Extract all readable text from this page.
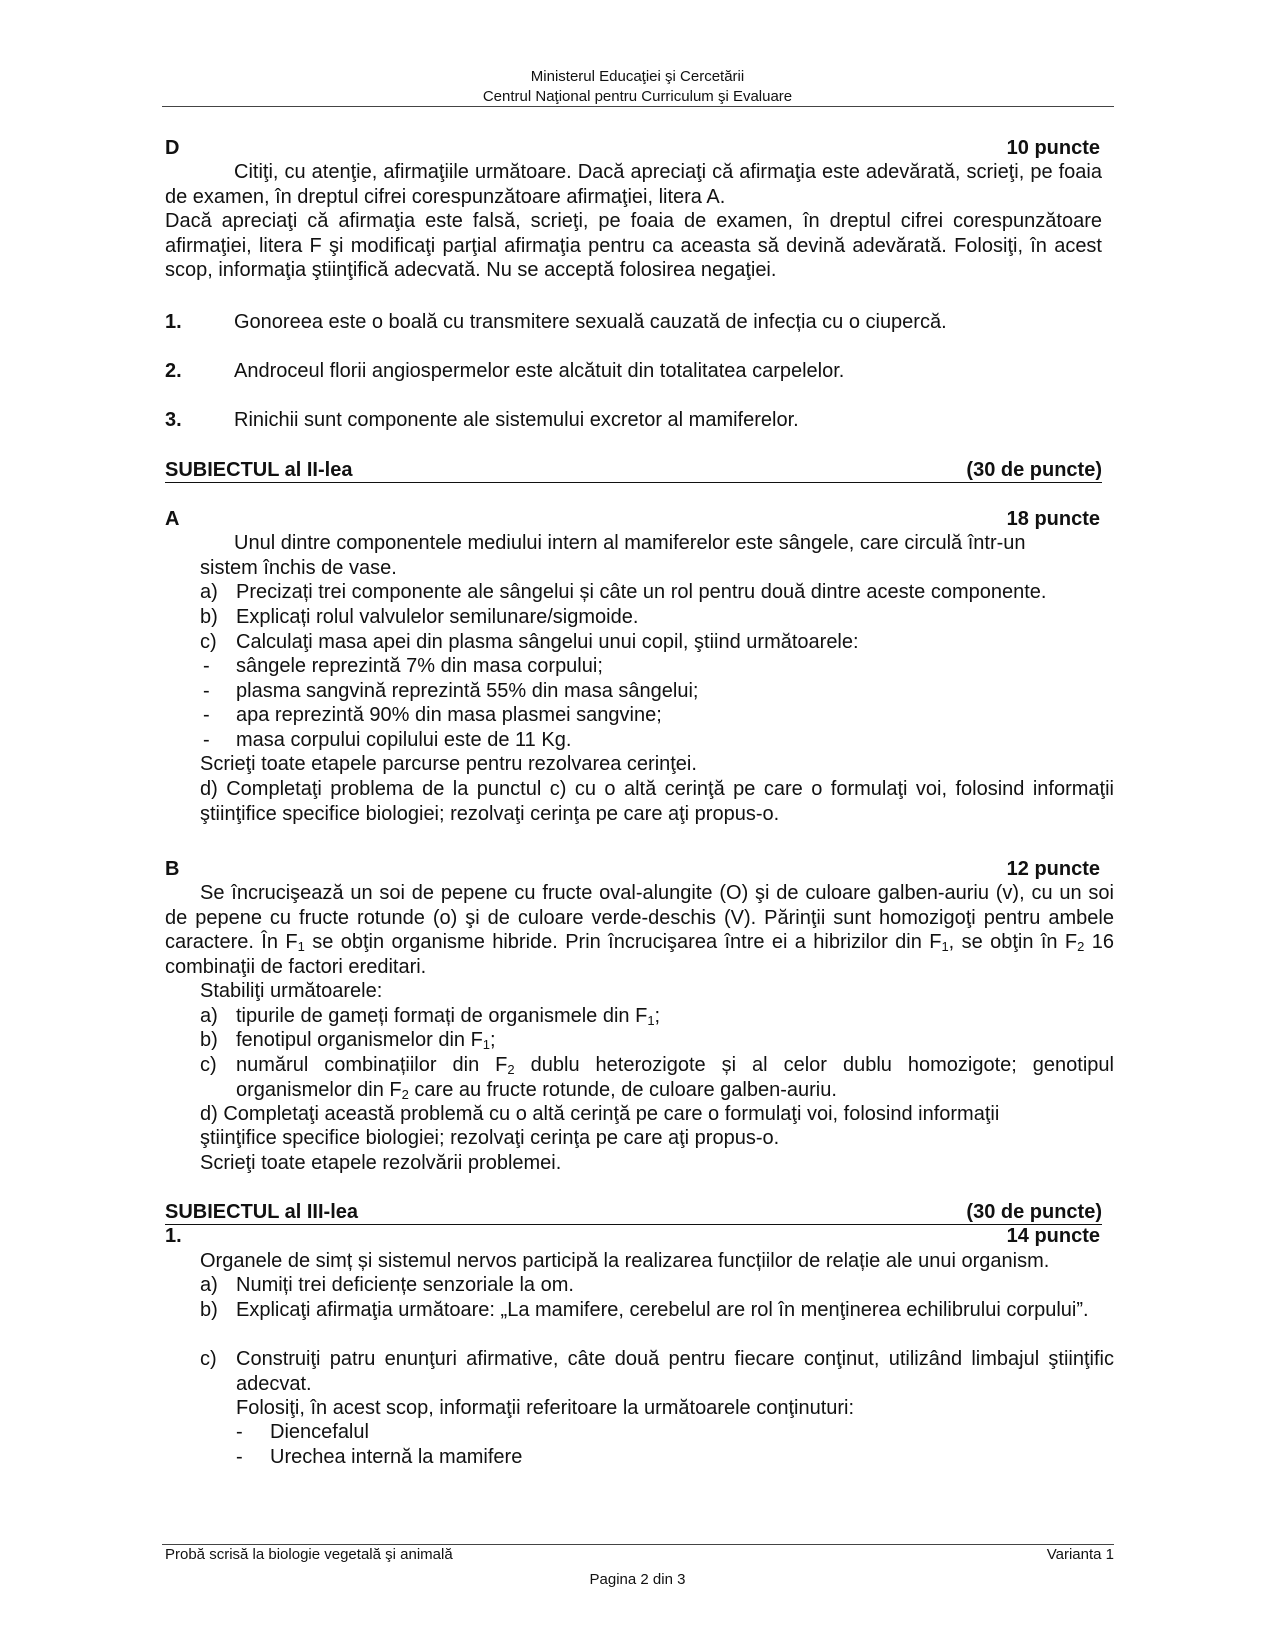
Ministerul Educaţiei şi Cercetării
Centrul Naţional pentru Curriculum şi Evaluare
D	10 puncte
Citiţi, cu atenţie, afirmaţiile următoare. Dacă apreciaţi că afirmaţia este adevărată, scrieţi, pe foaia de examen, în dreptul cifrei corespunzătoare afirmaţiei, litera A.
Dacă apreciaţi că afirmaţia este falsă, scrieţi, pe foaia de examen, în dreptul cifrei corespunzătoare afirmaţiei, litera F şi modificaţi parţial afirmaţia pentru ca aceasta să devină adevărată. Folosiţi, în acest scop, informaţia ştiinţifică adecvată. Nu se acceptă folosirea negaţiei.
1.	Gonoreea este o boală cu transmitere sexuală cauzată de infecția cu o ciupercă.
2.	Androceul florii angiospermelor este alcătuit din totalitatea carpelelor.
3.	Rinichii sunt componente ale sistemului excretor al mamiferelor.
SUBIECTUL al II-lea	(30 de puncte)
A	18 puncte
Unul dintre componentele mediului intern al mamiferelor este sângele, care circulă într-un
sistem închis de vase.
a) Precizați trei componente ale sângelui și câte un rol pentru două dintre aceste componente.
b) Explicați rolul valvulelor semilunare/sigmoide.
c) Calculaţi masa apei din plasma sângelui unui copil, ştiind următoarele:
- sângele reprezintă 7% din masa corpului;
- plasma sangvină reprezintă 55% din masa sângelui;
- apa reprezintă 90% din masa plasmei sangvine;
- masa corpului copilului este de 11 Kg.
Scrieţi toate etapele parcurse pentru rezolvarea cerinţei.
d) Completaţi problema de la punctul c) cu o altă cerinţă pe care o formulaţi voi, folosind informaţii ştiinţifice specifice biologiei; rezolvaţi cerinţa pe care aţi propus-o.
B	12 puncte
Se încrucişează un soi de pepene cu fructe oval-alungite (O) şi de culoare galben-auriu (v), cu un soi de pepene cu fructe rotunde (o) şi de culoare verde-deschis (V). Părinţii sunt homozigoţi pentru ambele caractere. În $F_1$ se obţin organisme hibride. Prin încrucişarea între ei a hibrizilor din $F_1$, se obţin în $F_2$ 16 combinaţii de factori ereditari.
Stabiliţi următoarele:
a) tipurile de gameți formați de organismele din $F_1$;
b) fenotipul organismelor din $F_1$;
c) numărul combinațiilor din $F_2$ dublu heterozigote și al celor dublu homozigote; genotipul organismelor din $F_2$ care au fructe rotunde, de culoare galben-auriu.
d) Completaţi această problemă cu o altă cerinţă pe care o formulaţi voi, folosind informaţii
ştiinţifice specifice biologiei; rezolvaţi cerinţa pe care aţi propus-o.
Scrieţi toate etapele rezolvării problemei.
SUBIECTUL al III-lea	(30 de puncte)
1.	14 puncte
Organele de simț și sistemul nervos participă la realizarea funcțiilor de relație ale unui organism.
a) Numiți trei deficiențe senzoriale la om.
b) Explicaţi afirmaţia următoare: „La mamifere, cerebelul are rol în menţinerea echilibrului corpului”.
c) Construiţi patru enunţuri afirmative, câte două pentru fiecare conţinut, utilizând limbajul ştiinţific adecvat.
Folosiţi, în acest scop, informaţii referitoare la următoarele conţinuturi:
- Diencefalul
- Urechea internă la mamifere
Probă scrisă la biologie vegetală şi animală	Varianta 1
Pagina 2 din 3
